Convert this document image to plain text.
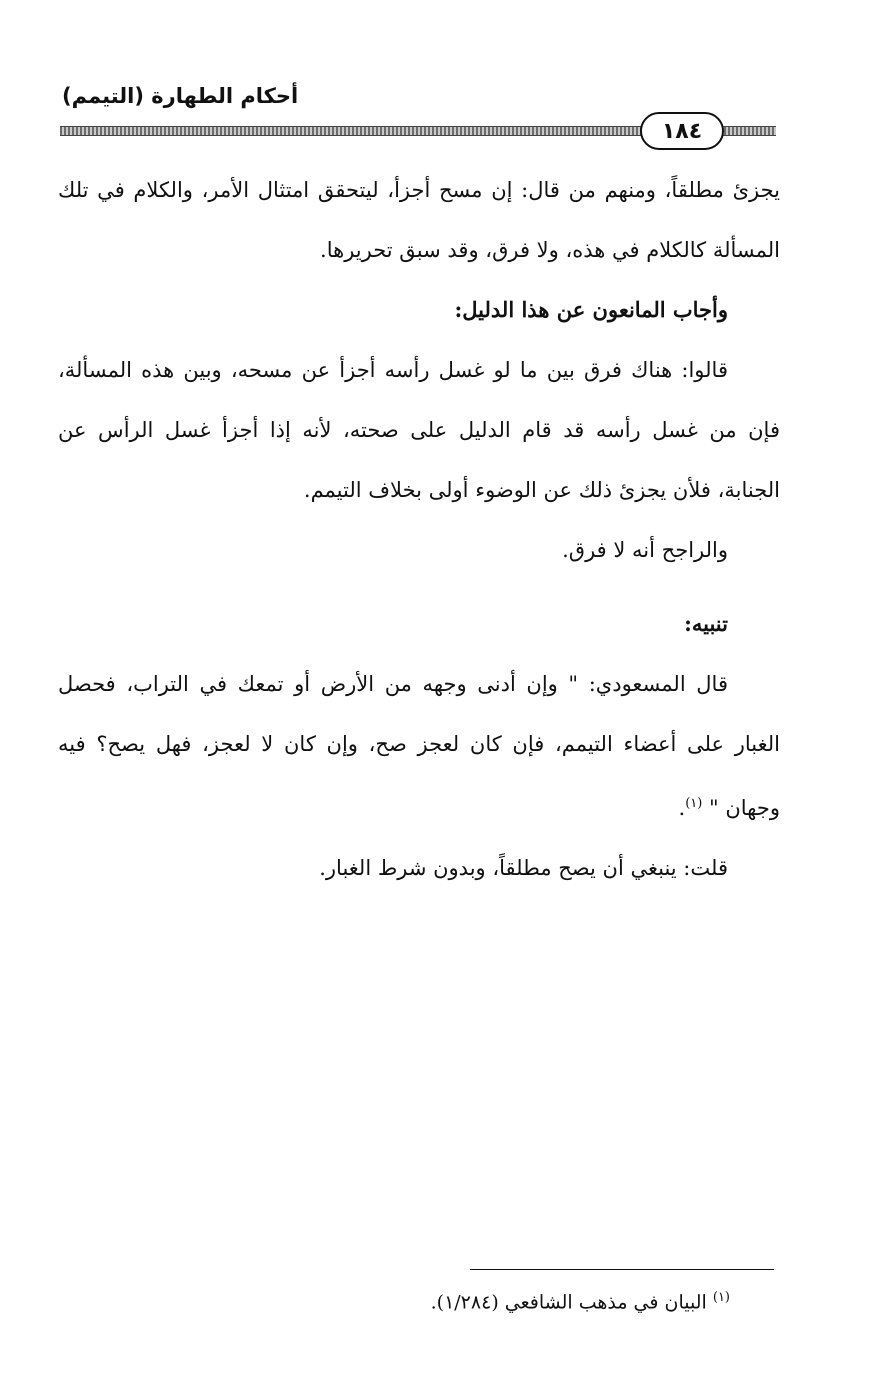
أحكام الطهارة (التيمم)
١٨٤

يجزئ مطلقاً، ومنهم من قال: إن مسح أجزأ، ليتحقق امتثال الأمر، والكلام في تلك المسألة كالكلام في هذه، ولا فرق، وقد سبق تحريرها.

وأجاب المانعون عن هذا الدليل:

قالوا: هناك فرق بين ما لو غسل رأسه أجزأ عن مسحه، وبين هذه المسألة، فإن من غسل رأسه قد قام الدليل على صحته، لأنه إذا أجزأ غسل الرأس عن الجنابة، فلأن يجزئ ذلك عن الوضوء أولى بخلاف التيمم.

والراجح أنه لا فرق.

تنبيه:

قال المسعودي: " وإن أدنى وجهه من الأرض أو تمعك في التراب، فحصل الغبار على أعضاء التيمم، فإن كان لعجز صح، وإن كان لا لعجز، فهل يصح؟ فيه وجهان " $^{(١)}$.

قلت: ينبغي أن يصح مطلقاً، وبدون شرط الغبار.

$^{(١)}$ البيان في مذهب الشافعي (١/٢٨٤).
